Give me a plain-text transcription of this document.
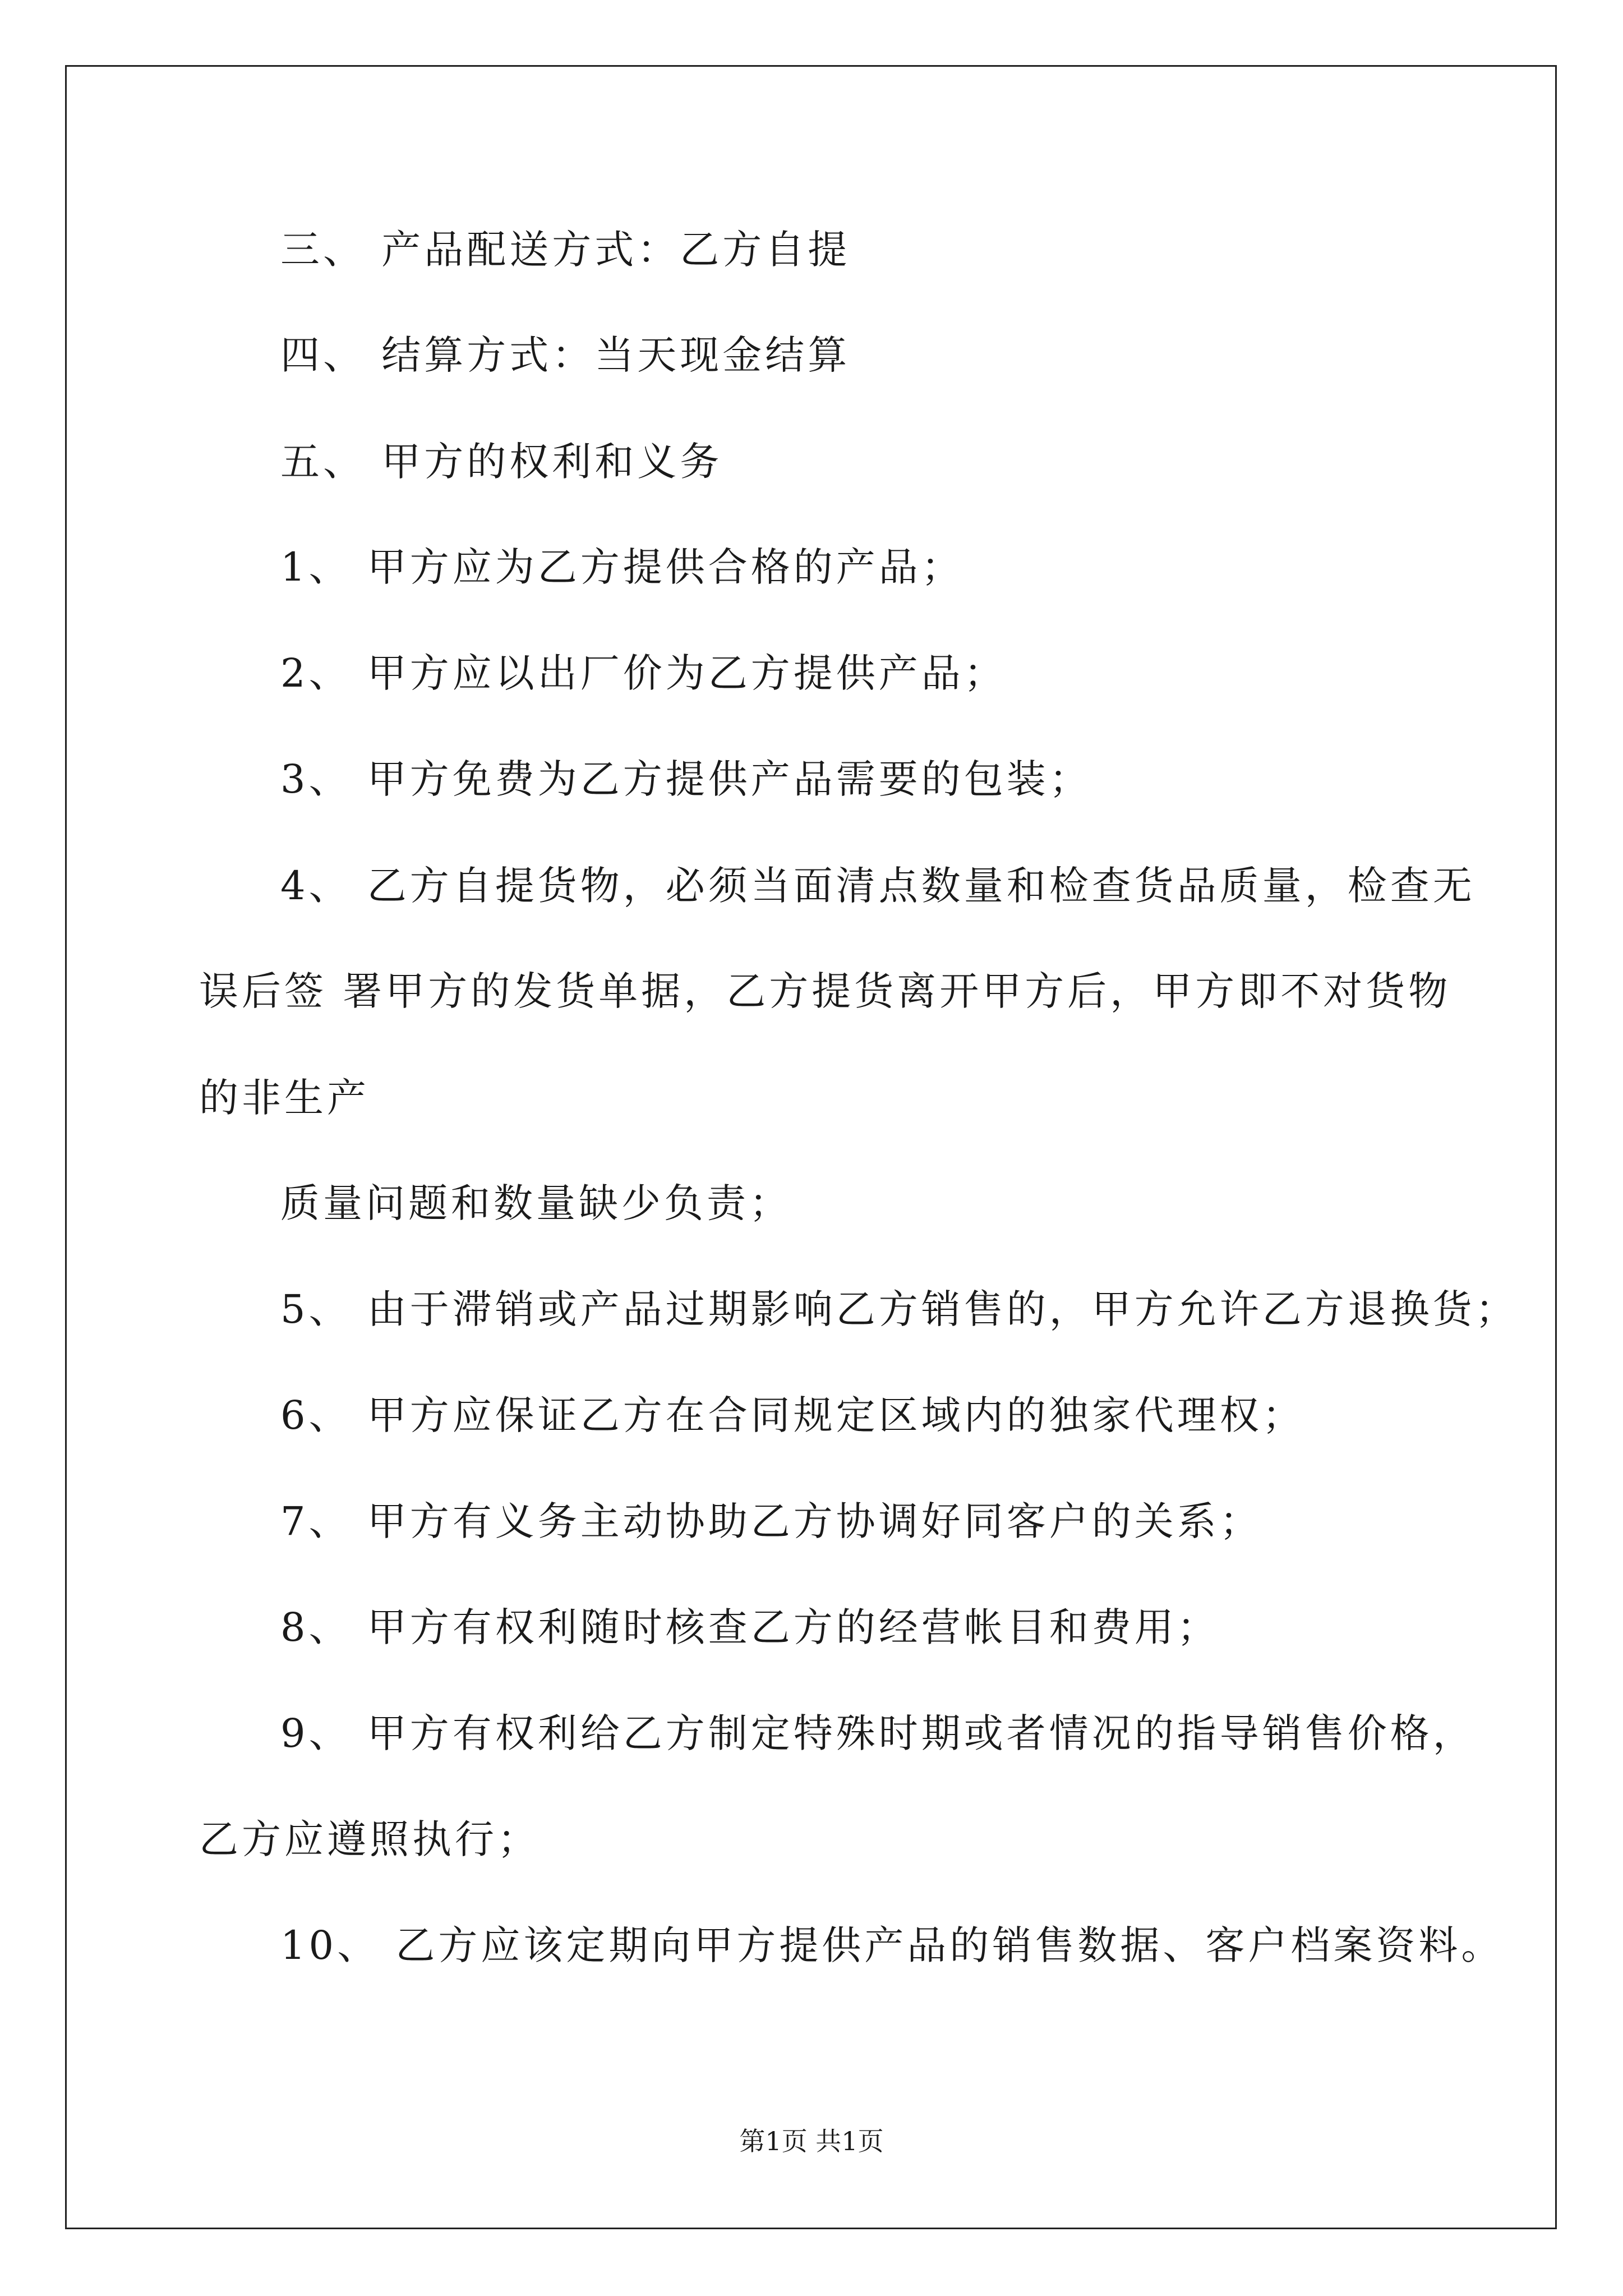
三、 产品配送方式：乙方自提

四、 结算方式：当天现金结算

五、 甲方的权利和义务

1、 甲方应为乙方提供合格的产品；

2、 甲方应以出厂价为乙方提供产品；

3、 甲方免费为乙方提供产品需要的包装；

4、 乙方自提货物，必须当面清点数量和检查货品质量，检查无

误后签 署甲方的发货单据，乙方提货离开甲方后，甲方即不对货物

的非生产

质量问题和数量缺少负责；

5、 由于滞销或产品过期影响乙方销售的，甲方允许乙方退换货；

6、 甲方应保证乙方在合同规定区域内的独家代理权；

7、 甲方有义务主动协助乙方协调好同客户的关系；

8、 甲方有权利随时核查乙方的经营帐目和费用；

9、 甲方有权利给乙方制定特殊时期或者情况的指导销售价格，

乙方应遵照执行；

10、 乙方应该定期向甲方提供产品的销售数据、客户档案资料。

第1页 共1页
